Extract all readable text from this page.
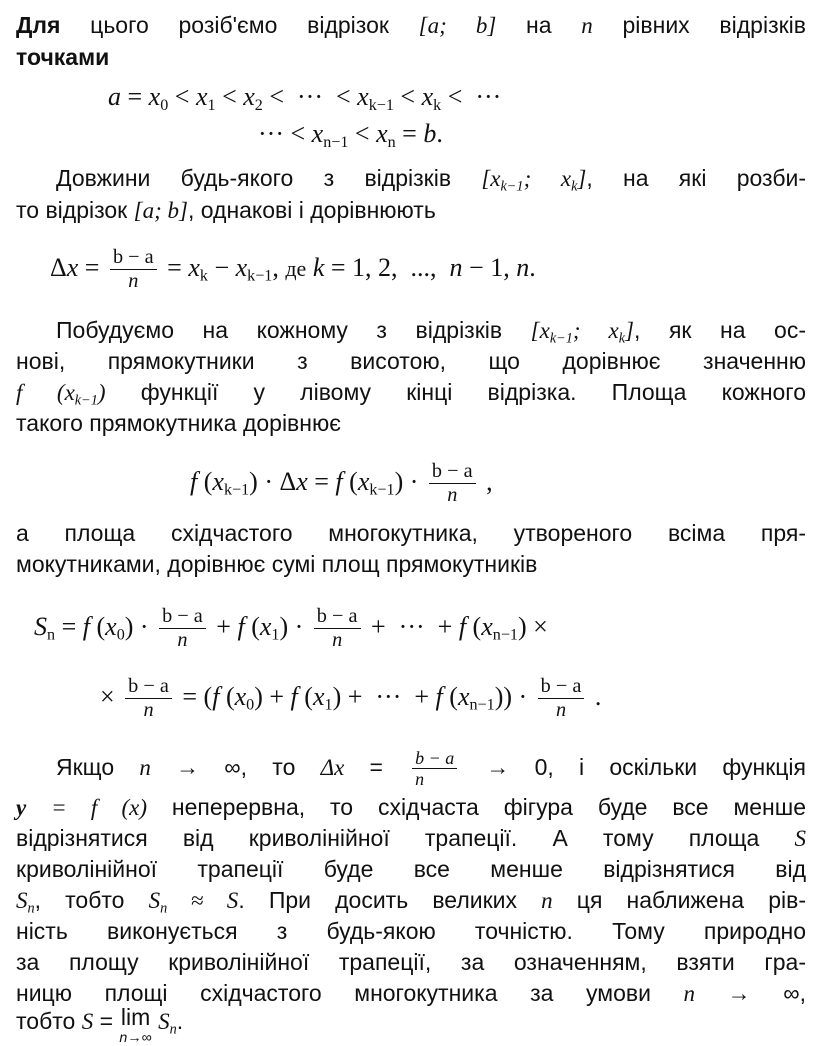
Для цього розіб'ємо відрізок [a; b] на n рівних відрізків
точками
$a = x_0 < x_1 < x_2$ <  ···  < $x_{k-1} < x_k$ <  ···
··· < $x_{n-1} < x_n = b$.
Довжини будь-якого з відрізків [$x_{k-1}$; $x_k$], на які розби-
то відрізок [a; b], однакові і дорівнюють
$\Delta x = \frac{b - a}{n} = x_k - x_{k-1}$, де k = 1, 2,  ...,  n − 1, n.
Побудуємо на кожному з відрізків [$x_{k-1}$; $x_k$], як на ос-
нові, прямокутники з висотою, що дорівнює значенню
f $(x_{k-1})$ функції у лівому кінці відрізка. Площа кожного
такого прямокутника дорівнює
f $(x_{k-1}) \cdot \Delta x = f$ $(x_{k-1}) \cdot \frac{b - a}{n}$ ,
а площа східчастого многокутника, утвореного всіма пря-
мокутниками, дорівнює сумі площ прямокутників
$S_n = f$ $(x_0) \cdot \frac{b - a}{n} + f$ $(x_1) \cdot \frac{b - a}{n}$ +  ···  + f $(x_{n-1})$ ×
× $\frac{b - a}{n} = (f$ $(x_0) + f$ $(x_1)$ +  ···  + f $(x_{n-1})) \cdot \frac{b - a}{n}$ .
Якщо n → ∞, то $\Delta x = \frac{b - a}{n} \to 0$, і оскільки функція
y = f (x) неперервна, то східчаста фігура буде все менше
відрізнятися від криволінійної трапеції. А тому площа S
криволінійної трапеції буде все менше відрізнятися від
$S_n$, тобто $S_n \approx S$. При досить великих n ця наближена рів-
ність виконується з будь-якою точністю. Тому природно
за площу криволінійної трапеції, за означенням, взяти гра-
ницю площі східчастого многокутника за умови n → ∞,
тобто S = lim
n→∞
$S_n$.
